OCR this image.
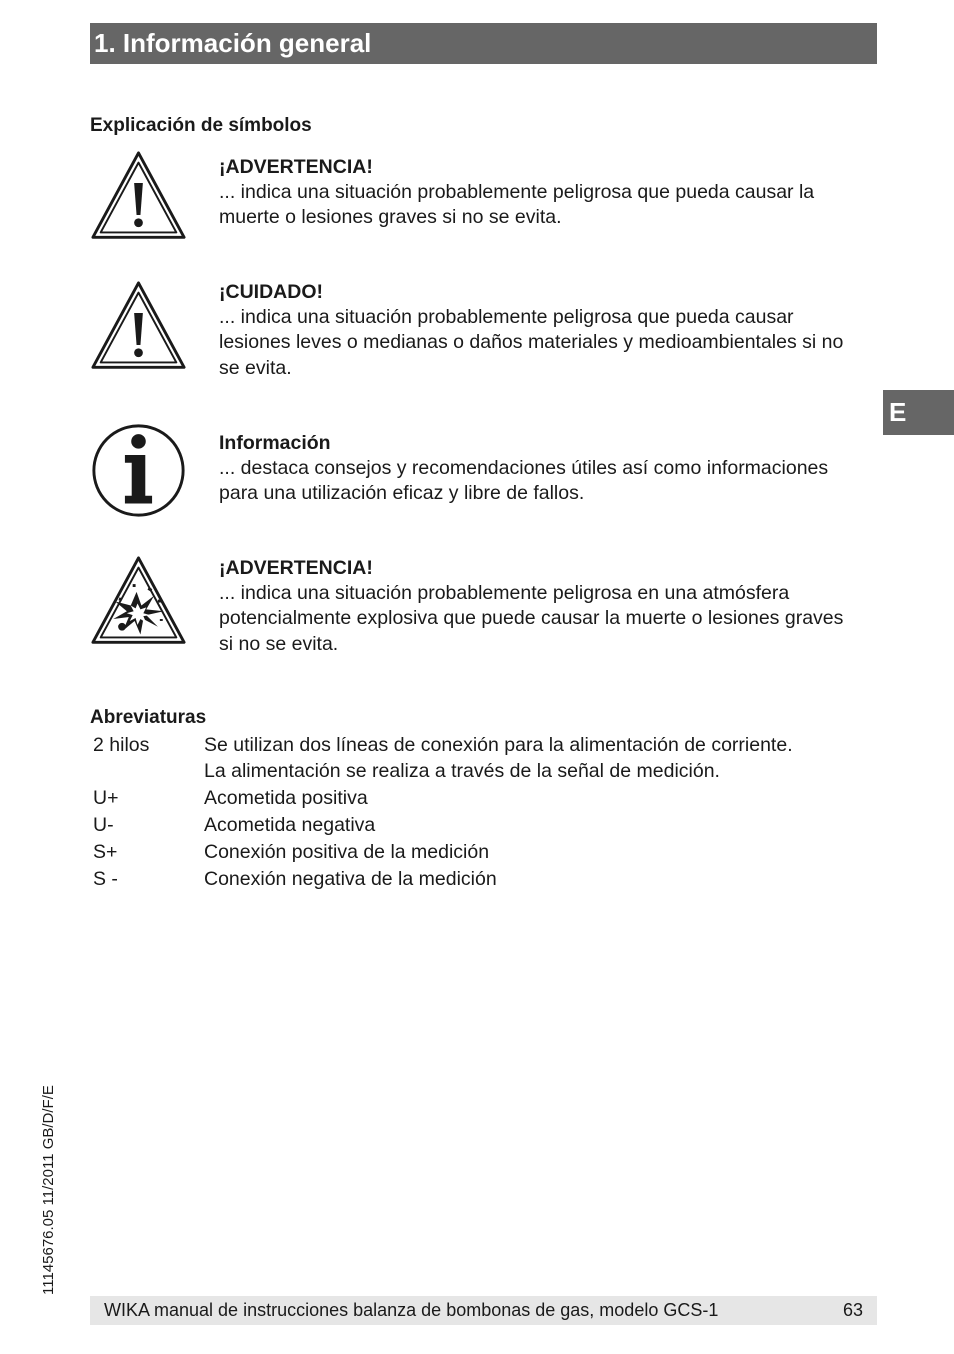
1. Información general
Explicación de símbolos
¡ADVERTENCIA!
... indica una situación probablemente peligrosa que pueda causar la
muerte o lesiones graves si no se evita.
¡CUIDADO!
... indica una situación probablemente peligrosa que pueda causar
lesiones leves o medianas o daños materiales y medioambientales si no
se evita.
Información
... destaca consejos y recomendaciones útiles así como informaciones
para una utilización eficaz y libre de fallos.
¡ADVERTENCIA!
... indica una situación probablemente peligrosa en una atmósfera
potencialmente explosiva que puede causar la muerte o lesiones graves
si no se evita.
Abreviaturas
2 hilos	Se utilizan dos líneas de conexión para la alimentación de corriente.
La alimentación se realiza a través de la señal de medición.

U+	Acometida positiva
U-	Acometida negativa
S+	Conexión positiva de la medición
S -	Conexión negativa de la medición
E
11145676.05 11/2011 GB/D/F/E
WIKA manual de instrucciones balanza de bombonas de gas, modelo GCS-1	63
